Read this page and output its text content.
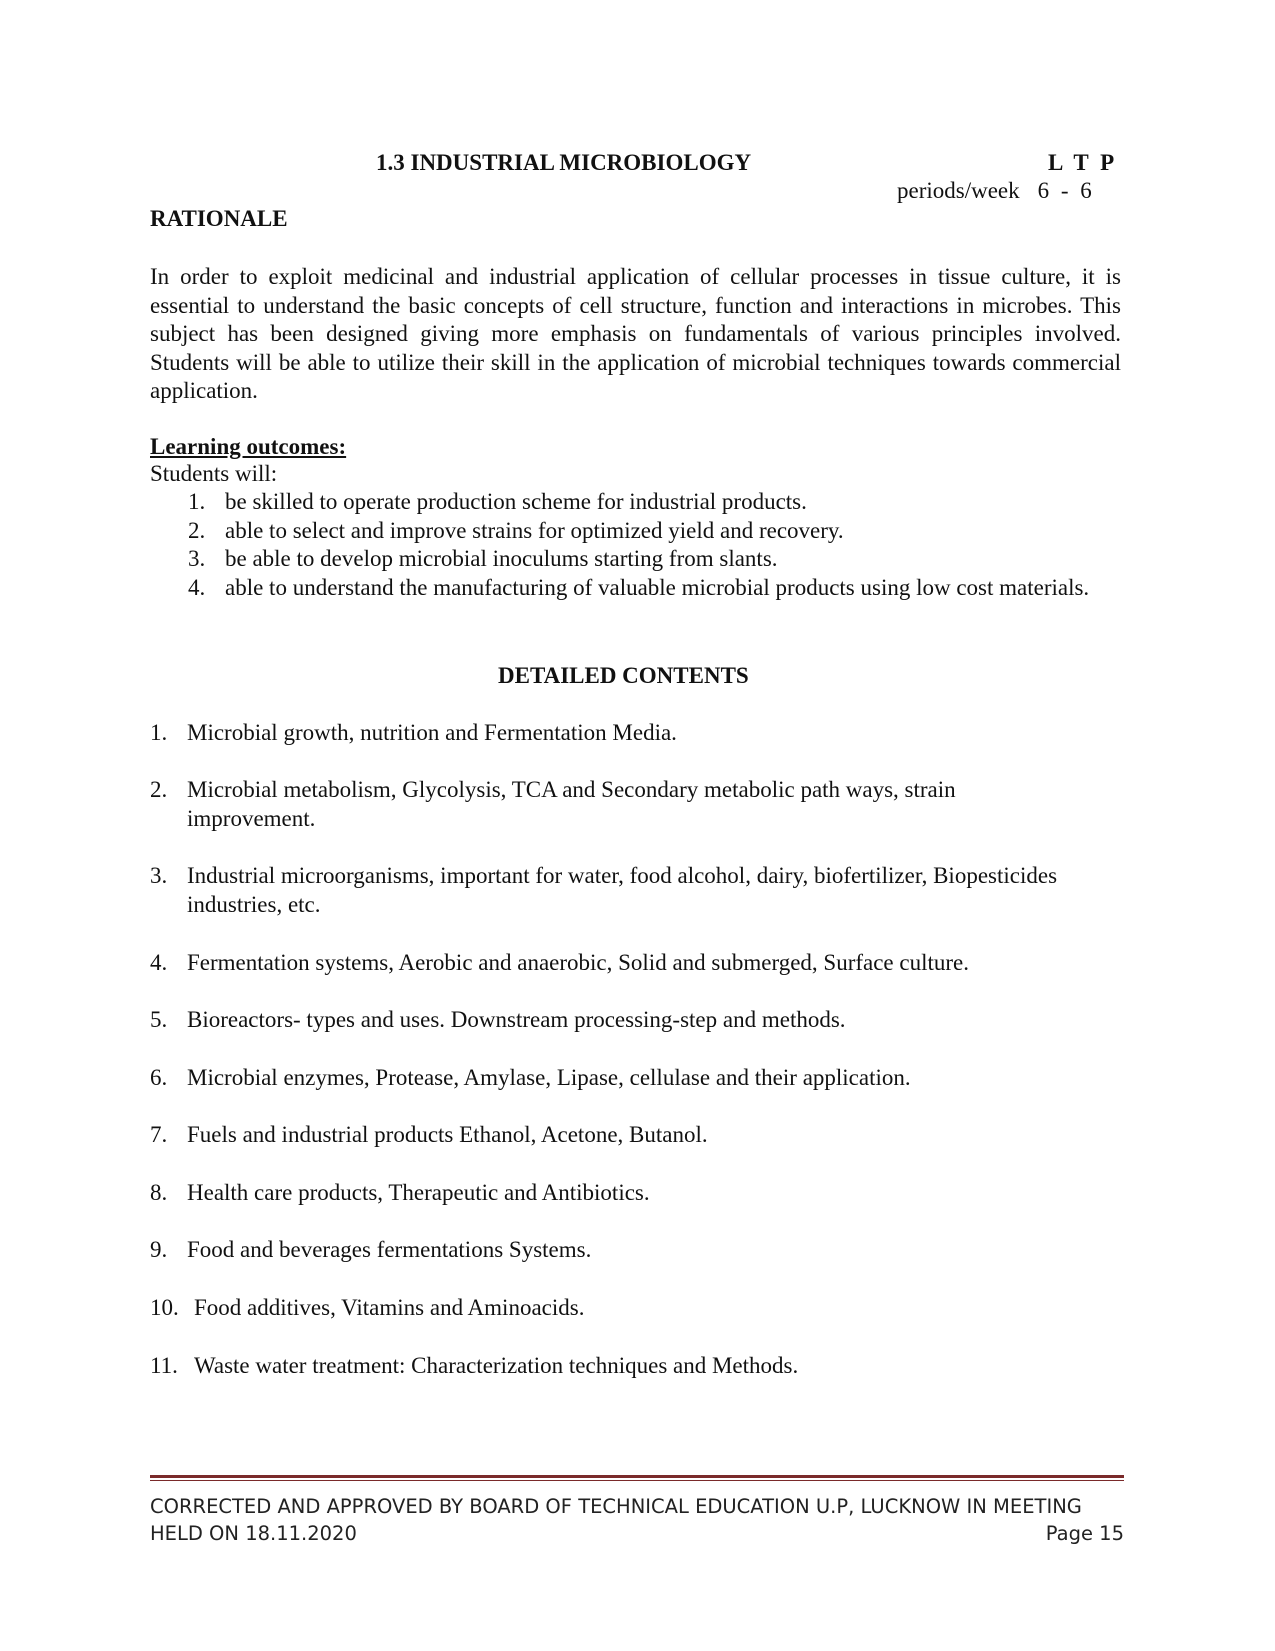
1.3 INDUSTRIAL MICROBIOLOGY	L T P
periods/week 6 - 6
RATIONALE
In order to exploit medicinal and industrial application of cellular processes in tissue culture, it is essential to understand the basic concepts of cell structure, function and interactions in microbes. This subject has been designed giving more emphasis on fundamentals of various principles involved. Students will be able to utilize their skill in the application of microbial techniques towards commercial application.
Learning outcomes:
Students will:
1. be skilled to operate production scheme for industrial products.
2. able to select and improve strains for optimized yield and recovery.
3. be able to develop microbial inoculums starting from slants.
4. able to understand the manufacturing of valuable microbial products using low cost materials.
DETAILED CONTENTS
1. Microbial growth, nutrition and Fermentation Media.
2. Microbial metabolism, Glycolysis, TCA and Secondary metabolic path ways, strain improvement.
3. Industrial microorganisms, important for water, food alcohol, dairy, biofertilizer, Biopesticides industries, etc.
4. Fermentation systems, Aerobic and anaerobic, Solid and submerged, Surface culture.
5. Bioreactors- types and uses. Downstream processing-step and methods.
6. Microbial enzymes, Protease, Amylase, Lipase, cellulase and their application.
7. Fuels and industrial products Ethanol, Acetone, Butanol.
8. Health care products, Therapeutic and Antibiotics.
9. Food and beverages fermentations Systems.
10. Food additives, Vitamins and Aminoacids.
11. Waste water treatment: Characterization techniques and Methods.
CORRECTED AND APPROVED BY BOARD OF TECHNICAL EDUCATION U.P, LUCKNOW IN MEETING
HELD ON 18.11.2020	Page 15
